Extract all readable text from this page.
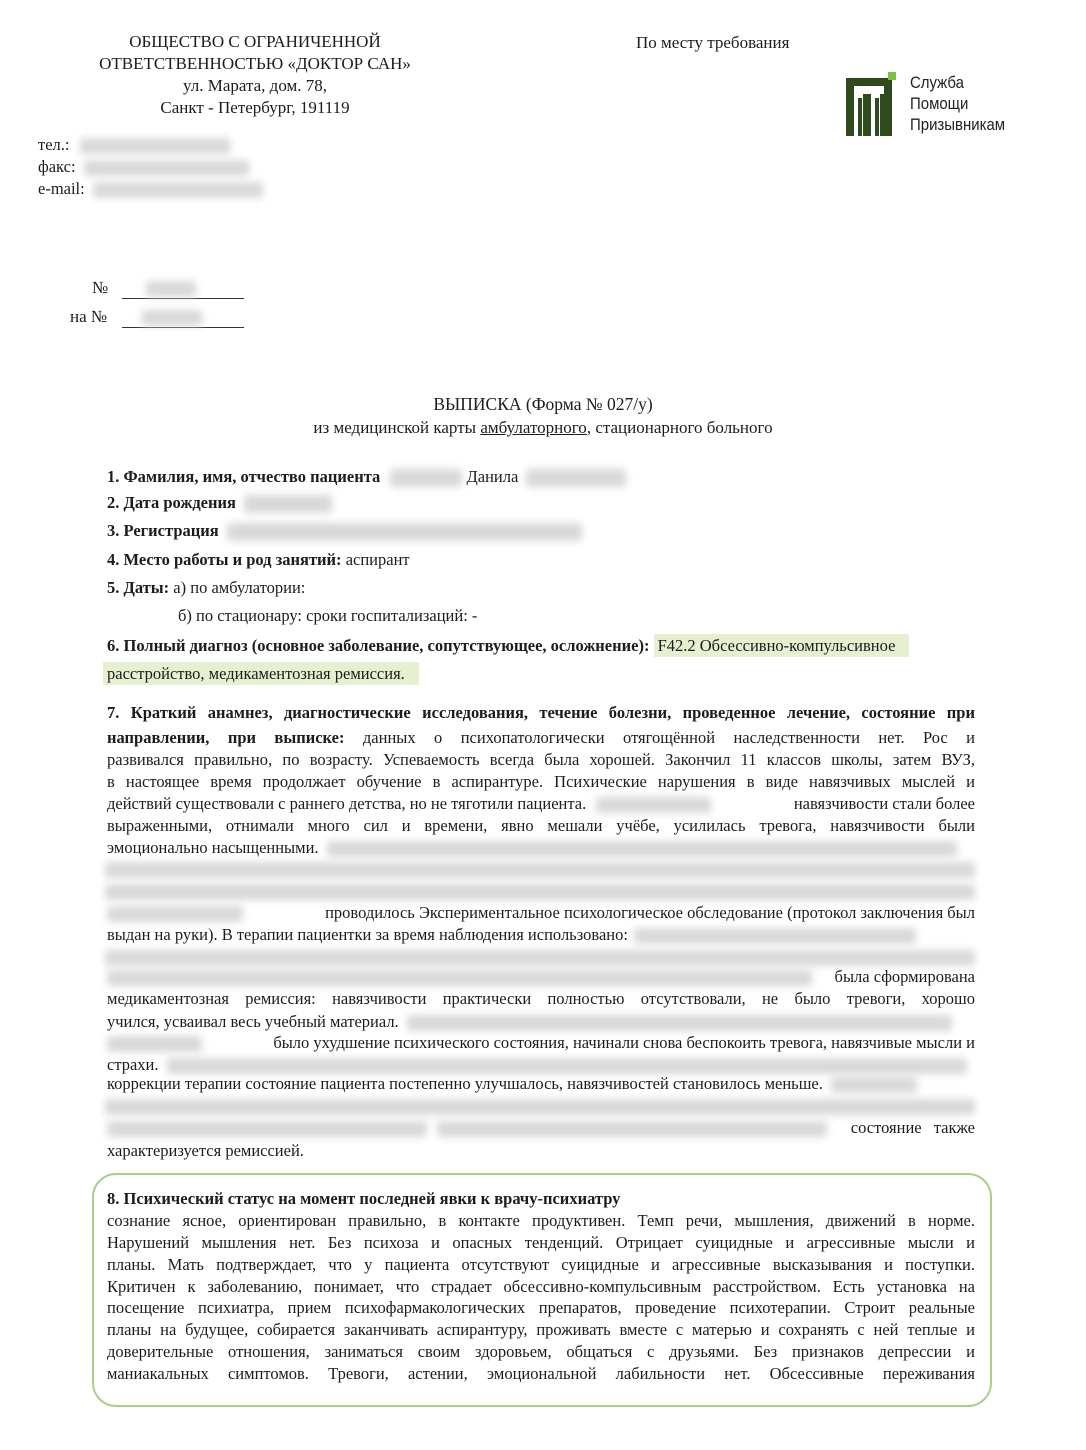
ОБЩЕСТВО С ОГРАНИЧЕННОЙ
ОТВЕТСТВЕННОСТЬЮ «ДОКТОР САН»
ул. Марата, дом. 78,
Санкт - Петербург, 191119
По месту требования
Служба
Помощи
Призывникам
тел.:
факс:
e-mail:
№
на №
ВЫПИСКА (Форма № 027/у)
из медицинской карты амбулаторного, стационарного больного
1. Фамилия, имя, отчество пациента	Данила
2. Дата рождения
3. Регистрация
4. Место работы и род занятий: аспирант
5. Даты: а) по амбулатории:
б) по стационару: сроки госпитализаций: -
6. Полный диагноз (основное заболевание, сопутствующее, осложнение): F42.2 Обсессивно-компульсивное
расстройство, медикаментозная ремиссия.
7. Краткий анамнез, диагностические исследования, течение болезни, проведенное лечение, состояние при
направлении, при выписке: данных о психопатологически отягощённой наследственности нет. Рос и
развивался правильно, по возрасту. Успеваемость всегда была хорошей. Закончил 11 классов школы, затем ВУЗ,
в настоящее время продолжает обучение в аспирантуре. Психические нарушения в виде навязчивых мыслей и
действий существовали с раннего детства, но не тяготили пациента.	навязчивости стали более
выраженными, отнимали много сил и времени, явно мешали учёбе, усилилась тревога, навязчивости были
эмоционально насыщенными.
проводилось Экспериментальное психологическое обследование (протокол заключения был
выдан на руки). В терапии пациентки за время наблюдения использовано:
была сформирована
медикаментозная ремиссия: навязчивости практически полностью отсутствовали, не было тревоги, хорошо
учился, усваивал весь учебный материал.
было ухудшение психического состояния, начинали снова беспокоить тревога, навязчивые мысли и
страхи.
коррекции терапии состояние пациента постепенно улучшалось, навязчивостей становилось меньше.

состояние также
характеризуется ремиссией.
8. Психический статус на момент последней явки к врачу-психиатру
сознание ясное, ориентирован правильно, в контакте продуктивен. Темп речи, мышления, движений в норме.
Нарушений мышления нет. Без психоза и опасных тенденций. Отрицает суицидные и агрессивные мысли и
планы. Мать подтверждает, что у пациента отсутствуют суицидные и агрессивные высказывания и поступки.
Критичен к заболеванию, понимает, что страдает обсессивно-компульсивным расстройством. Есть установка на
посещение психиатра, прием психофармакологических препаратов, проведение психотерапии. Строит реальные
планы на будущее, собирается заканчивать аспирантуру, проживать вместе с матерью и сохранять с ней теплые и
доверительные отношения, заниматься своим здоровьем, общаться с друзьями. Без признаков депрессии и
маниакальных симптомов. Тревоги, астении, эмоциональной лабильности нет. Обсессивные переживания
